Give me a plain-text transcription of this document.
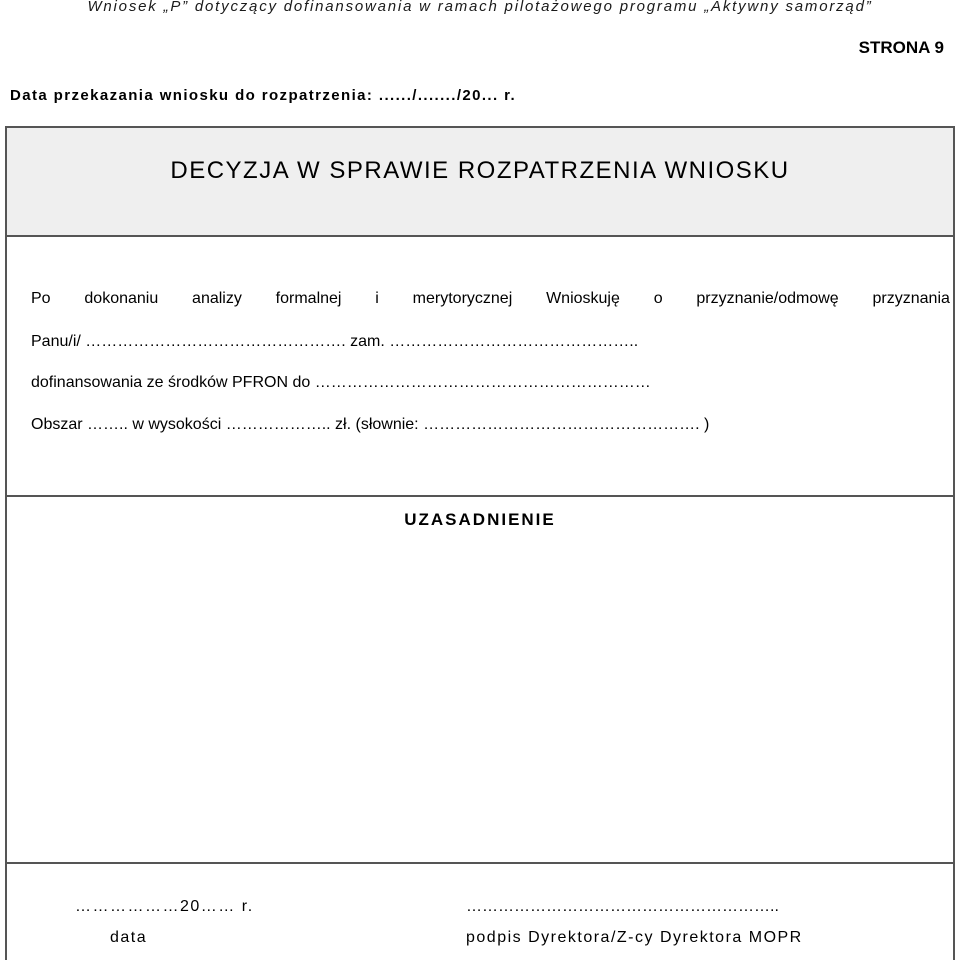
Wniosek „P” dotyczący dofinansowania w ramach pilotażowego programu „Aktywny samorząd”
STRONA 9
Data przekazania wniosku do rozpatrzenia: ....../......./20... r.
DECYZJA W SPRAWIE ROZPATRZENIA WNIOSKU
Po dokonaniu analizy formalnej i merytorycznej Wnioskuję o przyznanie/odmowę przyznania
Panu/i/ …………………………………………. zam. ………………………………………..
dofinansowania ze środków PFRON do ………………………………………………………
Obszar …….. w wysokości ……………….. zł. (słownie: ……………………………………………. )
UZASADNIENIE
………………20…… r.
data
…………………………………………………..
podpis Dyrektora/Z-cy Dyrektora MOPR
